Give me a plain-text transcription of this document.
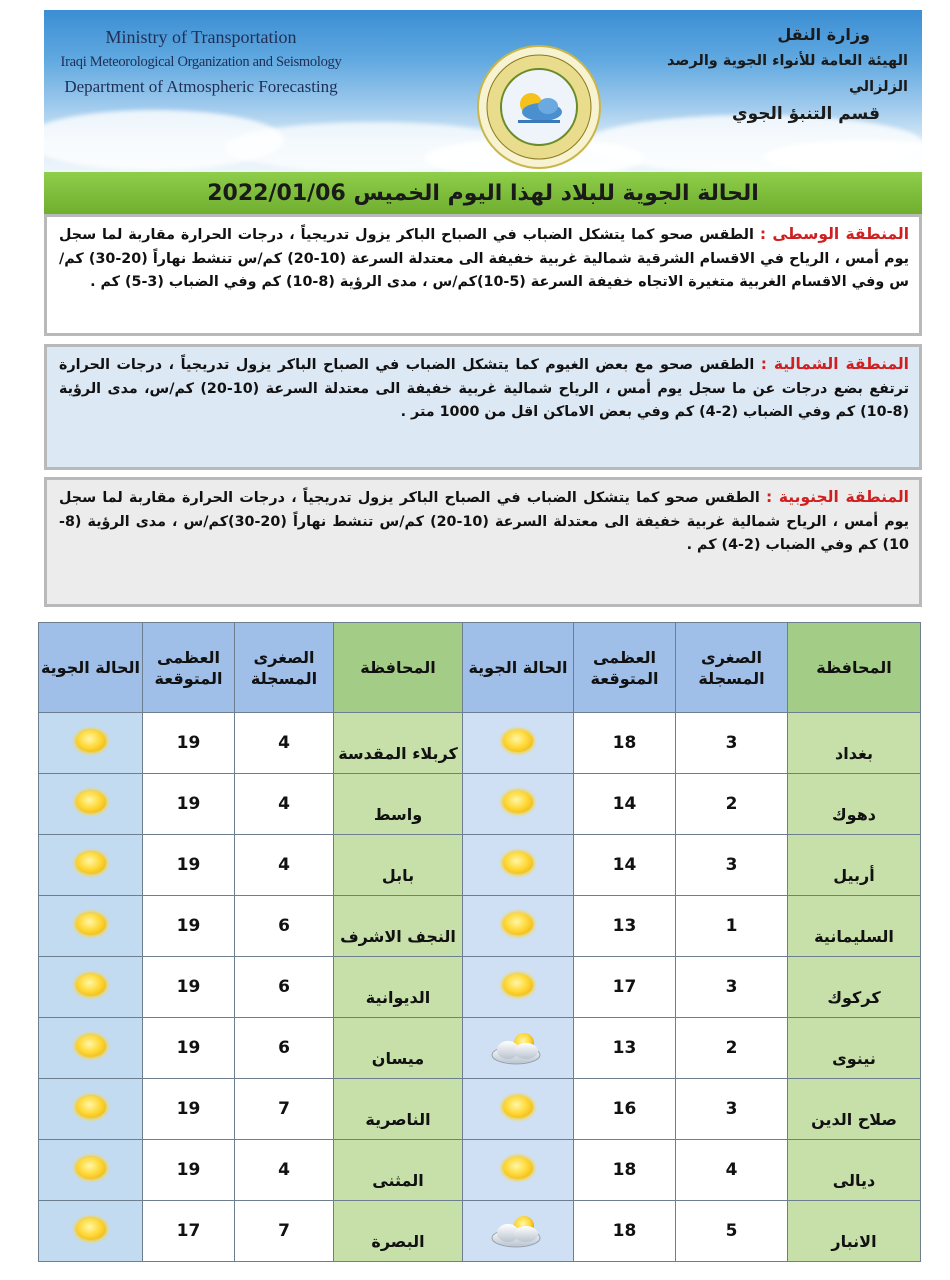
Ministry of Transportation
Iraqi Meteorological Organization and Seismology
Department of Atmospheric Forecasting
وزارة النقل
الهيئة العامة للأنواء الجوية والرصد الزلزالي
قسم التنبؤ الجوي
الحالة الجوية للبلاد لهذا اليوم الخميس 2022/01/06
المنطقة الوسطى : الطقس صحو كما يتشكل الضباب في الصباح الباكر يزول تدريجياً ، درجات الحرارة مقاربة لما سجل يوم أمس ، الرياح في الاقسام الشرقية شمالية غربية خفيفة الى معتدلة السرعة (10-20) كم/س تنشط نهاراً (20-30) كم/س وفي الاقسام الغربية متغيرة الاتجاه خفيفة السرعة (5-10)كم/س ، مدى الرؤية (8-10) كم وفي الضباب (3-5) كم .
المنطقة الشمالية : الطقس صحو مع بعض الغيوم كما يتشكل الضباب في الصباح الباكر يزول تدريجياً ، درجات الحرارة ترتفع بضع درجات عن ما سجل يوم أمس ، الرياح شمالية غربية خفيفة الى معتدلة السرعة (10-20) كم/س، مدى الرؤية (8-10) كم وفي الضباب (2-4) كم وفي بعض الاماكن اقل من 1000 متر .
المنطقة الجنوبية : الطقس صحو كما يتشكل الضباب في الصباح الباكر يزول تدريجياً ، درجات الحرارة مقاربة لما سجل يوم أمس ، الرياح شمالية غربية خفيفة الى معتدلة السرعة (10-20) كم/س تنشط نهاراً (20-30)كم/س ، مدى الرؤية (8-10) كم وفي الضباب (2-4) كم .
المحافظة	الصغرى المسجلة	العظمى المتوقعة	الحالة الجوية	المحافظة	الصغرى المسجلة	العظمى المتوقعة	الحالة الجوية
بغداد	3	18		كربلاء المقدسة	4	19	
دهوك	2	14		واسط	4	19	
أربيل	3	14		بابل	4	19	
السليمانية	1	13		النجف الاشرف	6	19	
كركوك	3	17		الديوانية	6	19	
نينوى	2	13		ميسان	6	19	
صلاح الدين	3	16		الناصرية	7	19	
ديالى	4	18		المثنى	4	19	
الانبار	5	18		البصرة	7	17	
